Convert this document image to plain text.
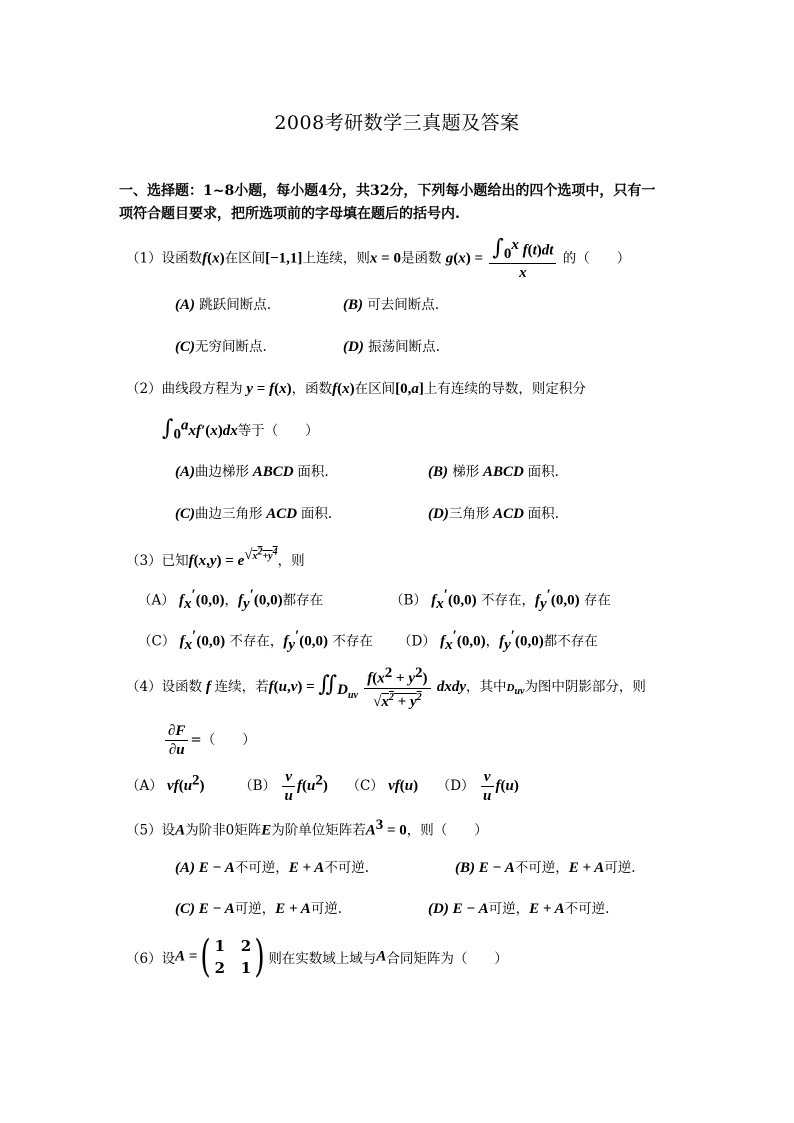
2008考研数学三真题及答案
一、选择题：1~8小题，每小题4分，共32分，下列每小题给出的四个选项中，只有一
项符合题目要求，把所选项前的字母填在题后的括号内.
（1）设函数f(x)在区间[−1,1]上连续，则x = 0是函数 $g(x) = \frac{\int_0^x f(t)dt}{x}$ 的（　　）
(A) 跳跃间断点.	(B) 可去间断点.
(C)无穷间断点.	(D) 振荡间断点.
（2）曲线段方程为 y = f(x)，函数f(x)在区间[0,a]上有连续的导数，则定积分
$\int_0^axf'(x)dx$等于（　　）
(A)曲边梯形 ABCD 面积.	(B) 梯形 ABCD 面积.
(C)曲边三角形 ACD 面积.	(D)三角形 ACD 面积.
（3）已知$f(x,y) = e^{√x^2+y^4}$，则
（A） $f_x'(0,0)$，$f_y'(0,0)$都存在	（B） $f_x'(0,0)$ 不存在，$f_y'(0,0)$ 存在
（C） $f_x'(0,0)$ 不存在，$f_y'(0,0)$ 不存在 （D） $f_x'(0,0)$，$f_y'(0,0)$都不存在
（4）设函数 f 连续，若$f(u,v) = ∬_{D_{uv}} \frac{f(x^2 + y^2)}{√x^2 + y^2}$ dxdy，其中$D_{uv}$为图中阴影部分，则
$\frac{\partial F}{\partial u}$ =（　　）
（A） $vf(u^2)$	$(B) \frac{v}{u} f(u^2)$ （C） vf(u) $(D) \frac{v}{u} f(u)$
（5）设A为阶非0矩阵E为阶单位矩阵若$A^3 = 0$，则（　　）
(A) E − A不可逆，E + A不可逆.	(B) E − A不可逆，E + A可逆.
(C) E − A可逆，E + A可逆.	(D) E − A可逆，E + A不可逆.
（6）设A =( 1   2
2   1) 则在实数域上域与A合同矩阵为（　　）
